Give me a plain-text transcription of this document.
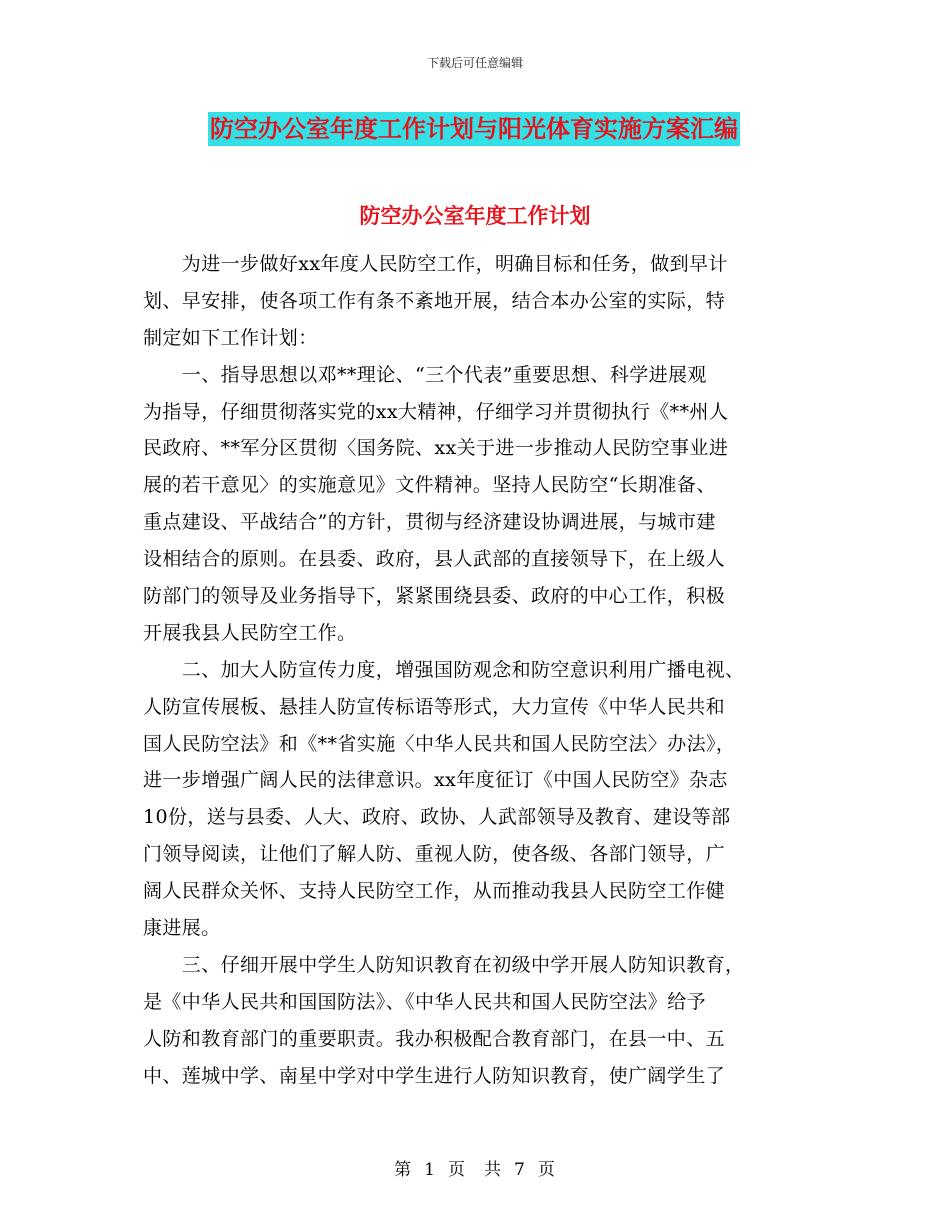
下载后可任意编辑
防空办公室年度工作计划与阳光体育实施方案汇编
防空办公室年度工作计划
　　为进一步做好xx年度人民防空工作，明确目标和任务，做到早计
划、早安排，使各项工作有条不紊地开展，结合本办公室的实际，特
制定如下工作计划：
　　一、指导思想以邓**理论、“三个代表”重要思想、科学进展观
为指导，仔细贯彻落实党的xx大精神，仔细学习并贯彻执行《**州人
民政府、**军分区贯彻〈国务院、xx关于进一步推动人民防空事业进
展的若干意见〉的实施意见》文件精神。坚持人民防空“长期准备、
重点建设、平战结合”的方针，贯彻与经济建设协调进展，与城市建
设相结合的原则。在县委、政府，县人武部的直接领导下，在上级人
防部门的领导及业务指导下，紧紧围绕县委、政府的中心工作，积极
开展我县人民防空工作。
　　二、加大人防宣传力度，增强国防观念和防空意识利用广播电视、
人防宣传展板、悬挂人防宣传标语等形式，大力宣传《中华人民共和
国人民防空法》和《**省实施〈中华人民共和国人民防空法〉办法》，
进一步增强广阔人民的法律意识。xx年度征订《中国人民防空》杂志
10份，送与县委、人大、政府、政协、人武部领导及教育、建设等部
门领导阅读，让他们了解人防、重视人防，使各级、各部门领导，广
阔人民群众关怀、支持人民防空工作，从而推动我县人民防空工作健
康进展。
　　三、仔细开展中学生人防知识教育在初级中学开展人防知识教育，
是《中华人民共和国国防法》、《中华人民共和国人民防空法》给予
人防和教育部门的重要职责。我办积极配合教育部门，在县一中、五
中、莲城中学、南星中学对中学生进行人防知识教育，使广阔学生了
第 1 页　共 7 页
